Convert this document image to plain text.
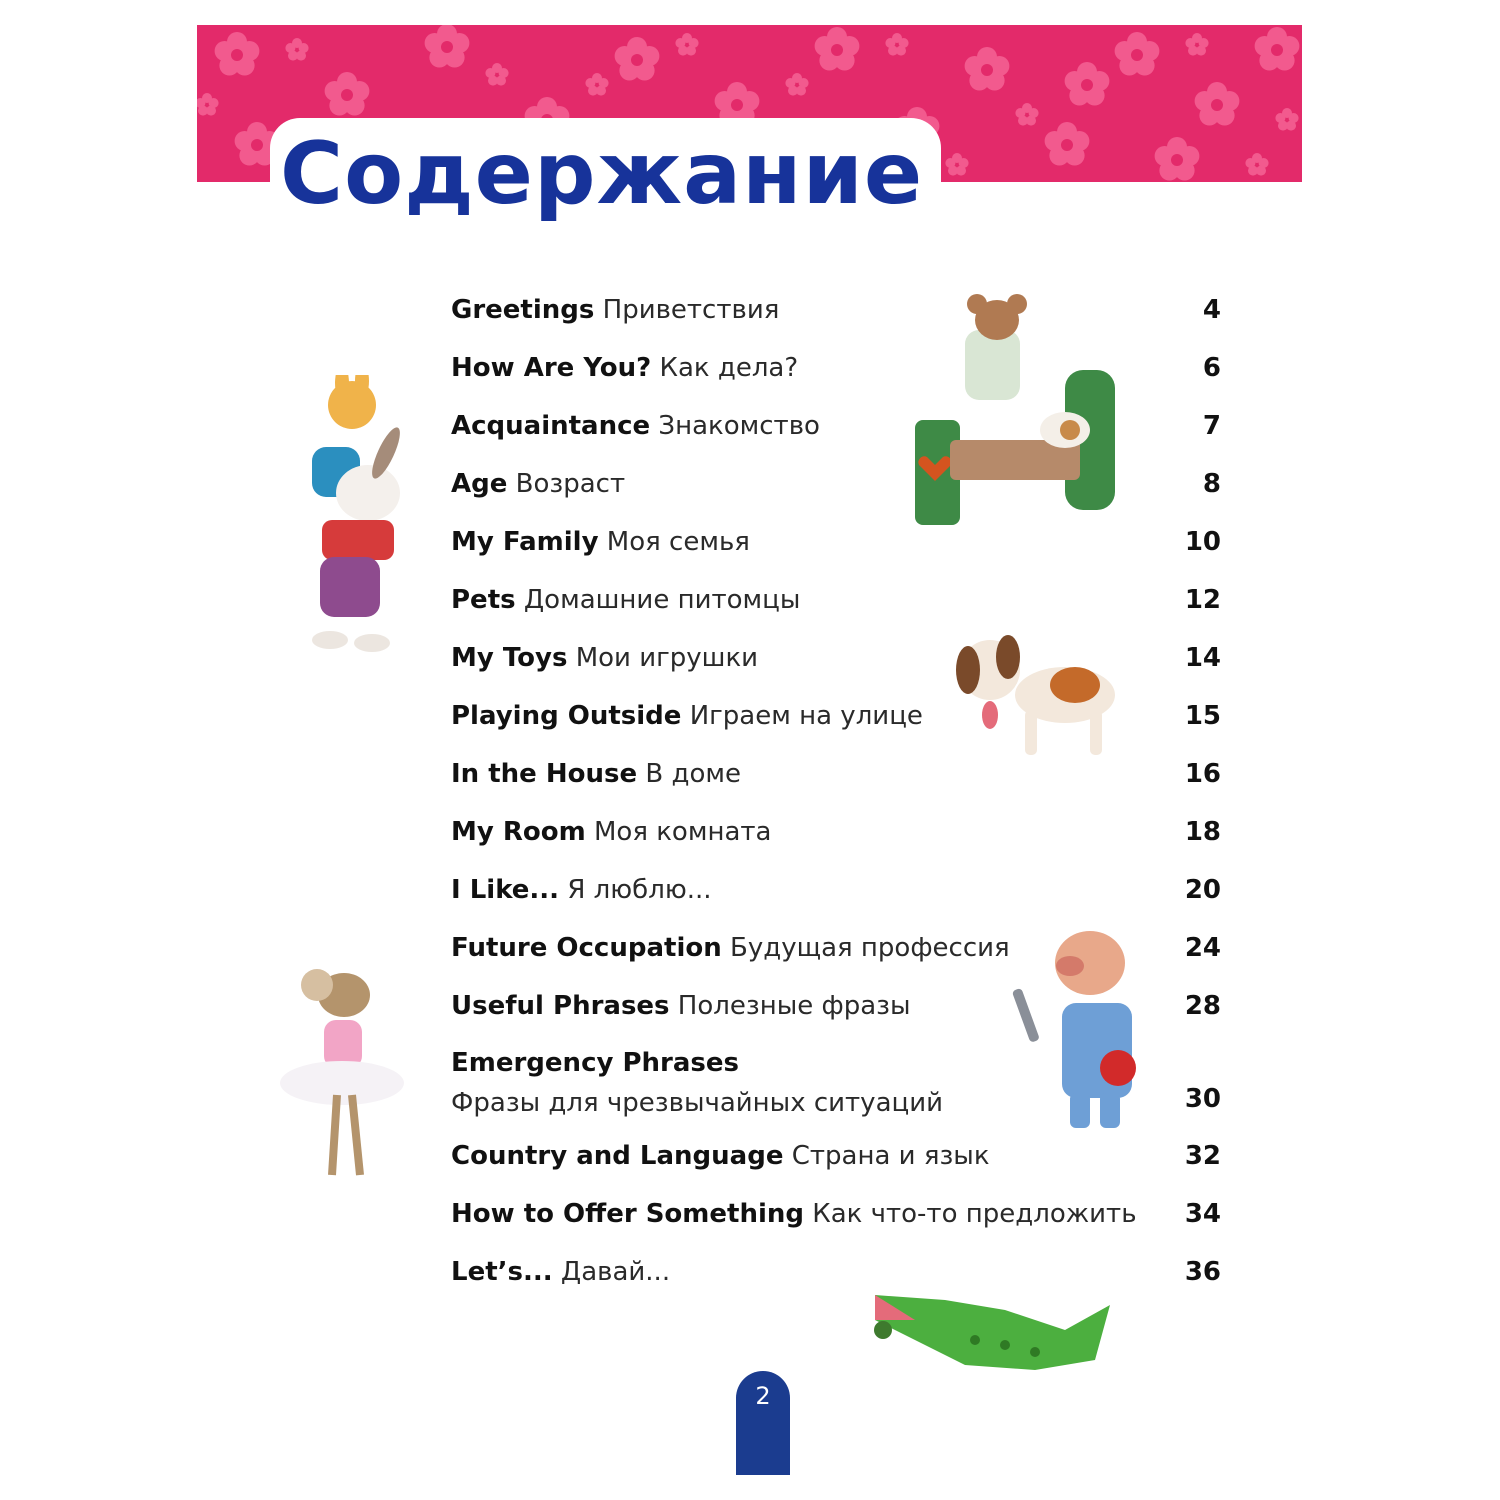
Содержание
Greetings Приветствия	4
How Are You? Как дела?	6
Acquaintance Знакомство	7
Age Возраст	8
My Family Моя семья	10
Pets Домашние питомцы	12
My Toys Мои игрушки	14
Playing Outside Играем на улице	15
In the House В доме	16
My Room Моя комната	18
I Like... Я люблю...	20
Future Occupation Будущая профессия	24
Useful Phrases Полезные фразы	28
Emergency Phrases
Фразы для чрезвычайных ситуаций	30
Country and Language Страна и язык	32
How to Offer Something Как что-то предложить 34
Let’s... Давай...	36
2
